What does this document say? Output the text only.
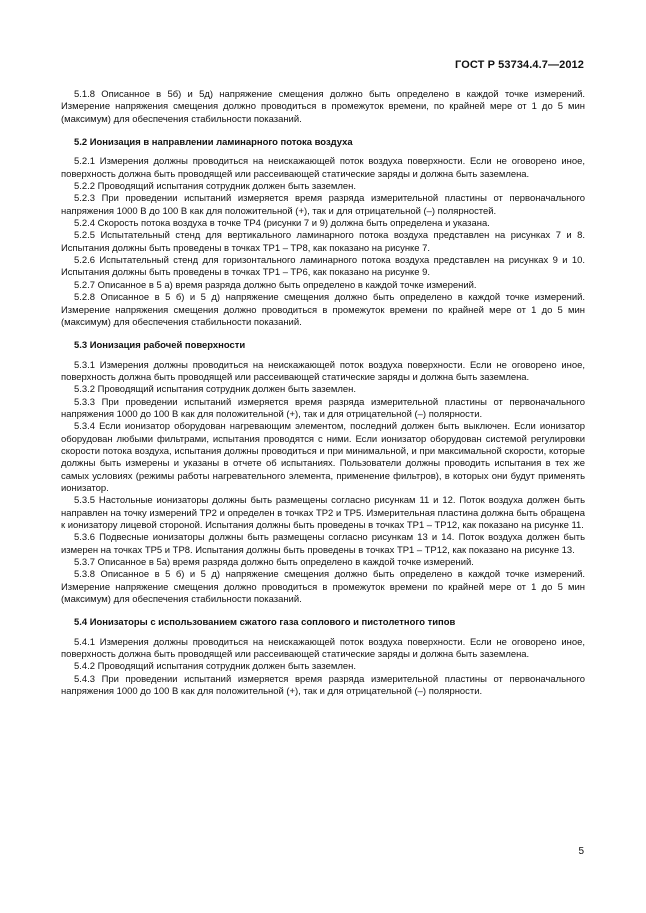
ГОСТ Р 53734.4.7—2012

5.1.8 Описанное в 5б) и 5д) напряжение смещения должно быть определено в каждой точке измерений. Измерение напряжения смещения должно проводиться в промежуток времени, по крайней мере от 1 до 5 мин (максимум) для обеспечения стабильности показаний.

5.2 Ионизация в направлении ламинарного потока воздуха

5.2.1 Измерения должны проводиться на неискажающей поток воздуха поверхности. Если не оговорено иное, поверхность должна быть проводящей или рассеивающей статические заряды и должна быть заземлена.

5.2.2 Проводящий испытания сотрудник должен быть заземлен.

5.2.3 При проведении испытаний измеряется время разряда измерительной пластины от первоначального напряжения 1000 В до 100 В как для положительной (+), так и для отрицательной (–) полярностей.

5.2.4 Скорость потока воздуха в точке TP4 (рисунки 7 и 9) должна быть определена и указана.

5.2.5 Испытательный стенд для вертикального ламинарного потока воздуха представлен на рисунках 7 и 8. Испытания должны быть проведены в точках TP1 – TP8, как показано на рисунке 7.

5.2.6 Испытательный стенд для горизонтального ламинарного потока воздуха представлен на рисунках 9 и 10. Испытания должны быть проведены в точках TP1 – TP6, как показано на рисунке 9.

5.2.7 Описанное в 5 а) время разряда должно быть определено в каждой точке измерений.

5.2.8 Описанное в 5 б) и 5 д) напряжение смещения должно быть определено в каждой точке измерений. Измерение напряжения смещения должно проводиться в промежуток времени по крайней мере от 1 до 5 мин (максимум) для обеспечения стабильности показаний.

5.3 Ионизация рабочей поверхности

5.3.1 Измерения должны проводиться на неискажающей поток воздуха поверхности. Если не оговорено иное, поверхность должна быть проводящей или рассеивающей статические заряды и должна быть заземлена.

5.3.2 Проводящий испытания сотрудник должен быть заземлен.

5.3.3 При проведении испытаний измеряется время разряда измерительной пластины от первоначального напряжения 1000 до 100 В как для положительной (+), так и для отрицательной (–) полярности.

5.3.4 Если ионизатор оборудован нагревающим элементом, последний должен быть выключен. Если ионизатор оборудован любыми фильтрами, испытания проводятся с ними. Если ионизатор оборудован системой регулировки скорости потока воздуха, испытания должны проводиться и при минимальной, и при максимальной скорости, которые должны быть измерены и указаны в отчете об испытаниях. Пользователи должны проводить испытания в тех же самых условиях (режимы работы нагревательного элемента, применение фильтров), в которых они будут применять ионизатор.

5.3.5 Настольные ионизаторы должны быть размещены согласно рисункам 11 и 12. Поток воздуха должен быть направлен на точку измерений TP2 и определен в точках TP2 и TP5. Измерительная пластина должна быть обращена к ионизатору лицевой стороной. Испытания должны быть проведены в точках TP1 – TP12, как показано на рисунке 11.

5.3.6 Подвесные ионизаторы должны быть размещены согласно рисункам 13 и 14. Поток воздуха должен быть измерен на точках TP5 и TP8. Испытания должны быть проведены в точках TP1 – TP12, как показано на рисунке 13.

5.3.7 Описанное в 5а) время разряда должно быть определено в каждой точке измерений.

5.3.8 Описанное в 5 б) и 5 д) напряжение смещения должно быть определено в каждой точке измерений. Измерение напряжение смещения должно проводиться в промежуток времени по крайней мере от 1 до 5 мин (максимум) для обеспечения стабильности показаний.

5.4 Ионизаторы с использованием сжатого газа соплового и пистолетного типов

5.4.1 Измерения должны проводиться на неискажающей поток воздуха поверхности. Если не оговорено иное, поверхность должна быть проводящей или рассеивающей статические заряды и должна быть заземлена.

5.4.2 Проводящий испытания сотрудник должен быть заземлен.

5.4.3 При проведении испытаний измеряется время разряда измерительной пластины от первоначального напряжения 1000 до 100 В как для положительной (+), так и для отрицательной (–) полярности.

5
